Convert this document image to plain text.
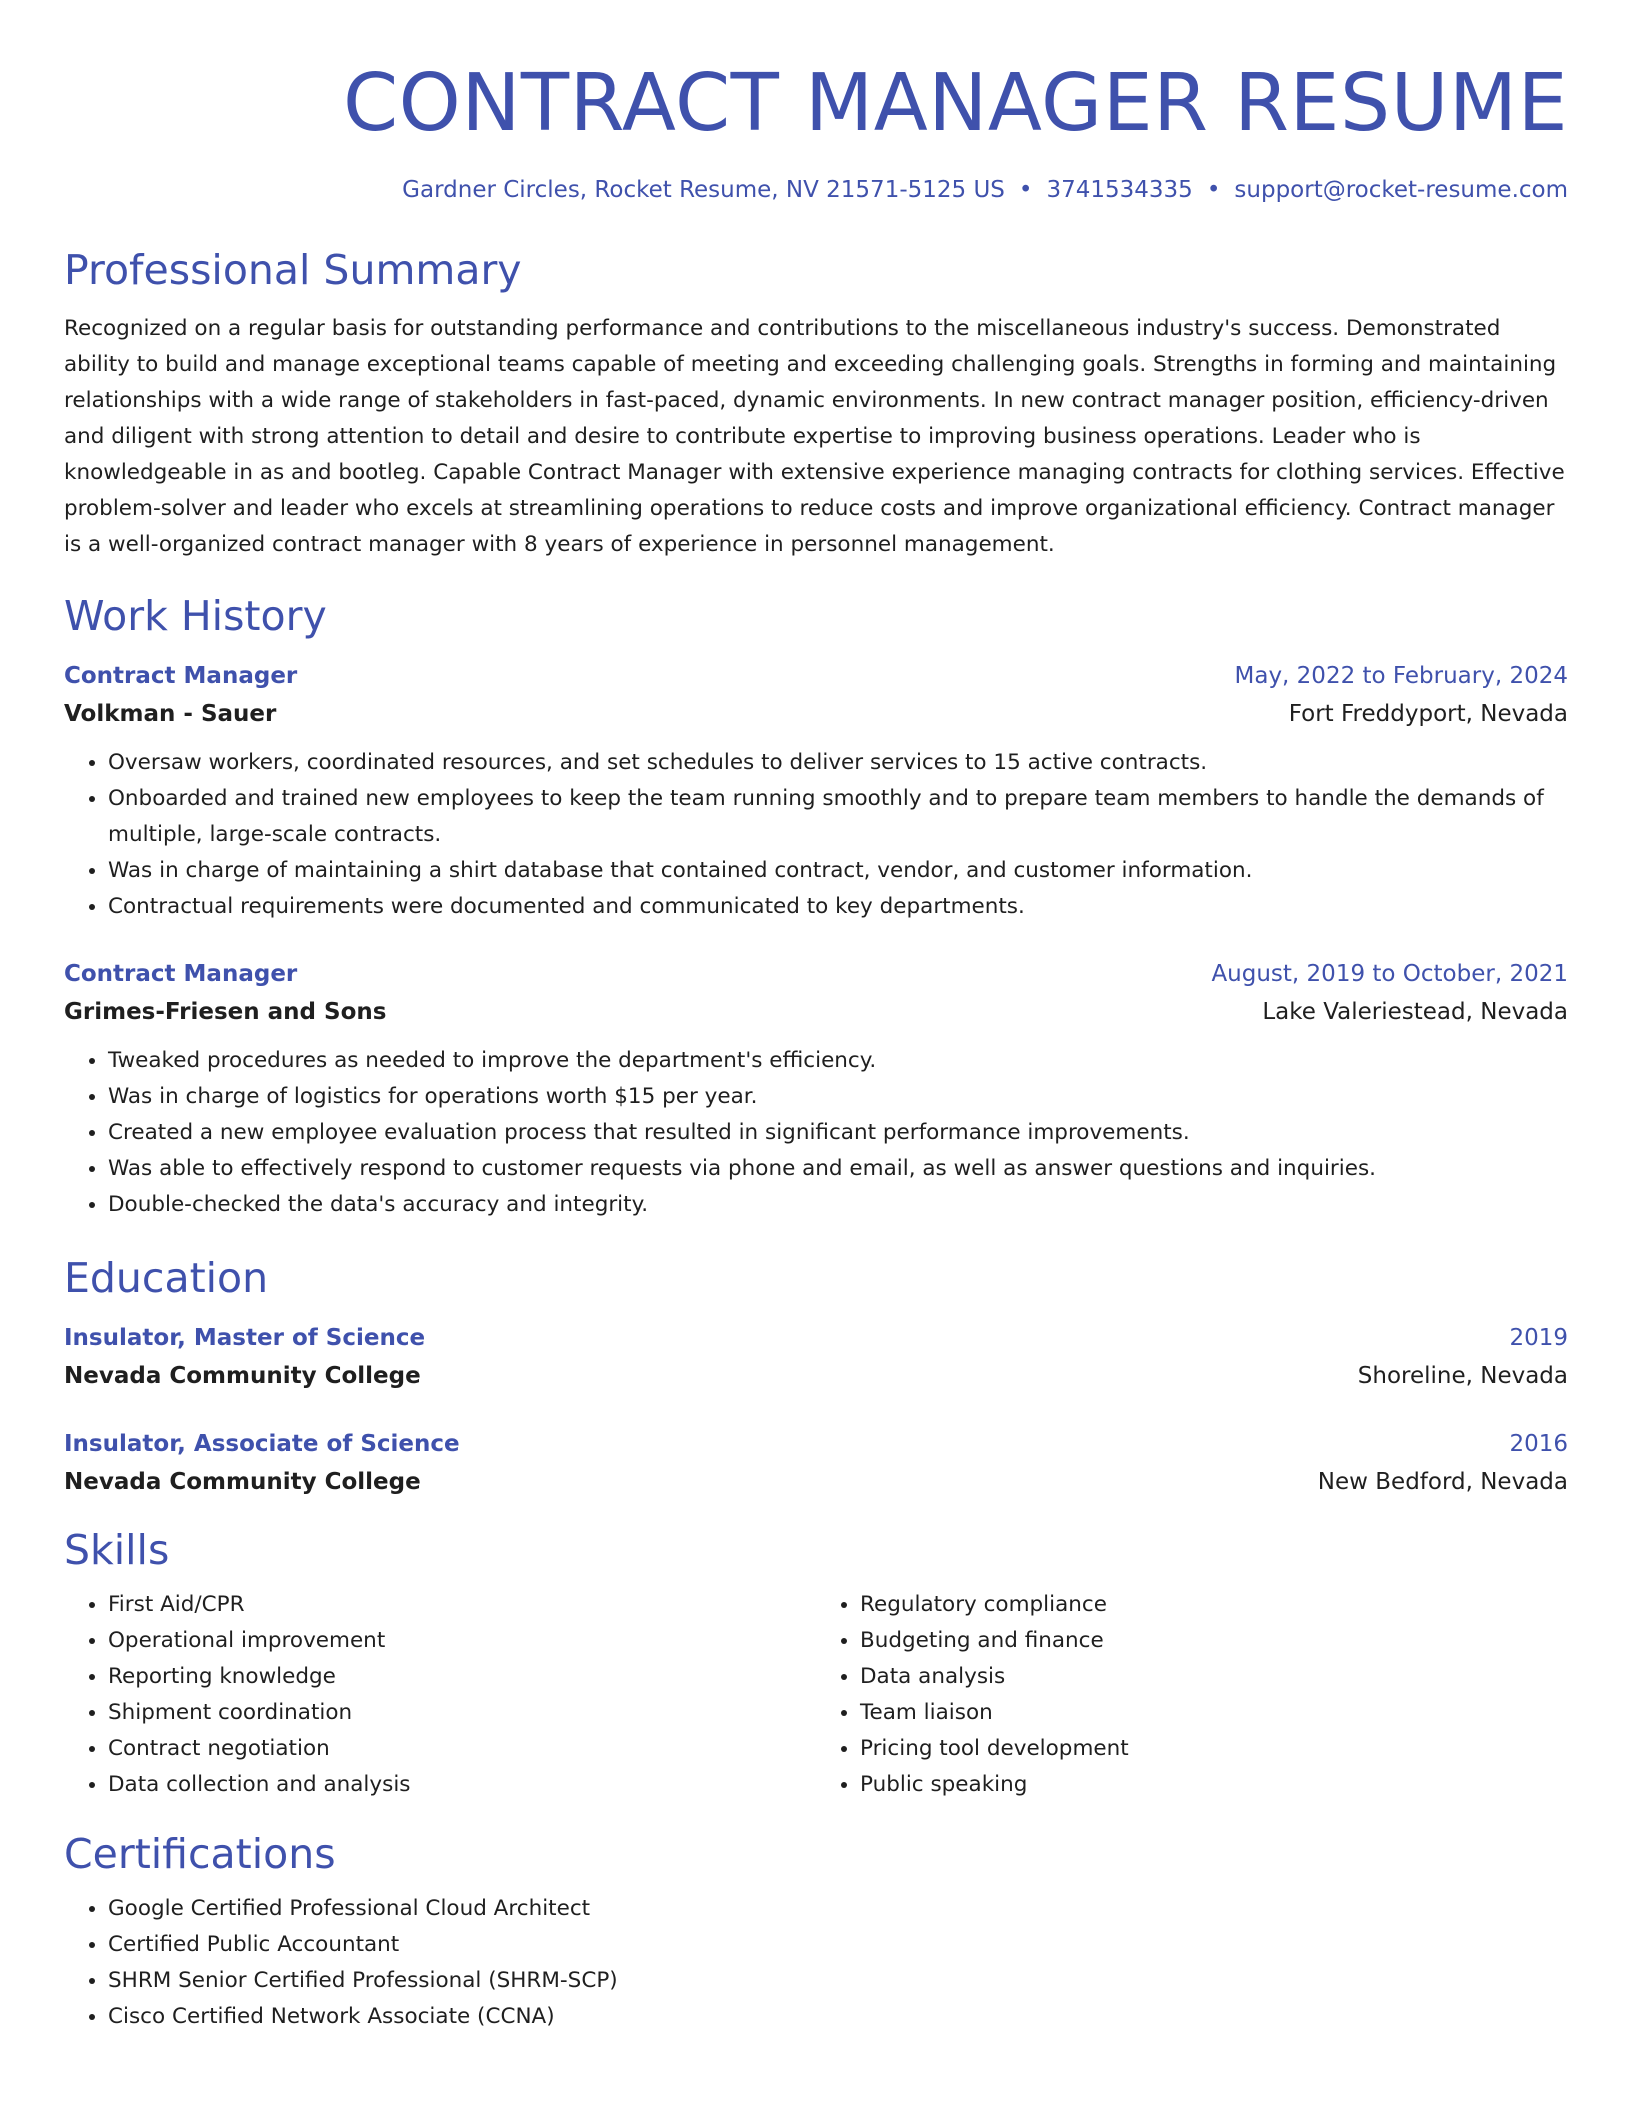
CONTRACT MANAGER RESUME
Gardner Circles, Rocket Resume, NV 21571-5125 US • 3741534335 • support@rocket-resume.com
Professional Summary

Recognized on a regular basis for outstanding performance and contributions to the miscellaneous industry's success. Demonstrated ability to build and manage exceptional teams capable of meeting and exceeding challenging goals. Strengths in forming and maintaining relationships with a wide range of stakeholders in fast-paced, dynamic environments. In new contract manager position, efficiency-driven and diligent with strong attention to detail and desire to contribute expertise to improving business operations. Leader who is knowledgeable in as and bootleg. Capable Contract Manager with extensive experience managing contracts for clothing services. Effective problem-solver and leader who excels at streamlining operations to reduce costs and improve organizational efficiency. Contract manager is a well-organized contract manager with 8 years of experience in personnel management.

Work History
Contract Manager	May, 2022 to February, 2024
Volkman - Sauer	Fort Freddyport, Nevada
• Oversaw workers, coordinated resources, and set schedules to deliver services to 15 active contracts.
• Onboarded and trained new employees to keep the team running smoothly and to prepare team members to handle the demands of multiple, large-scale contracts.
• Was in charge of maintaining a shirt database that contained contract, vendor, and customer information.
• Contractual requirements were documented and communicated to key departments.
Contract Manager	August, 2019 to October, 2021
Grimes-Friesen and Sons	Lake Valeriestead, Nevada
• Tweaked procedures as needed to improve the department's efficiency.
• Was in charge of logistics for operations worth $15 per year.
• Created a new employee evaluation process that resulted in significant performance improvements.
• Was able to effectively respond to customer requests via phone and email, as well as answer questions and inquiries.
• Double-checked the data's accuracy and integrity.
Education
Insulator, Master of Science	2019
Nevada Community College	Shoreline, Nevada
Insulator, Associate of Science	2016
Nevada Community College	New Bedford, Nevada
Skills
• First Aid/CPR
• Operational improvement
• Reporting knowledge
• Shipment coordination
• Contract negotiation
• Data collection and analysis
• Regulatory compliance
• Budgeting and finance
• Data analysis
• Team liaison
• Pricing tool development
• Public speaking
Certifications
• Google Certified Professional Cloud Architect
• Certified Public Accountant
• SHRM Senior Certified Professional (SHRM-SCP)
• Cisco Certified Network Associate (CCNA)
